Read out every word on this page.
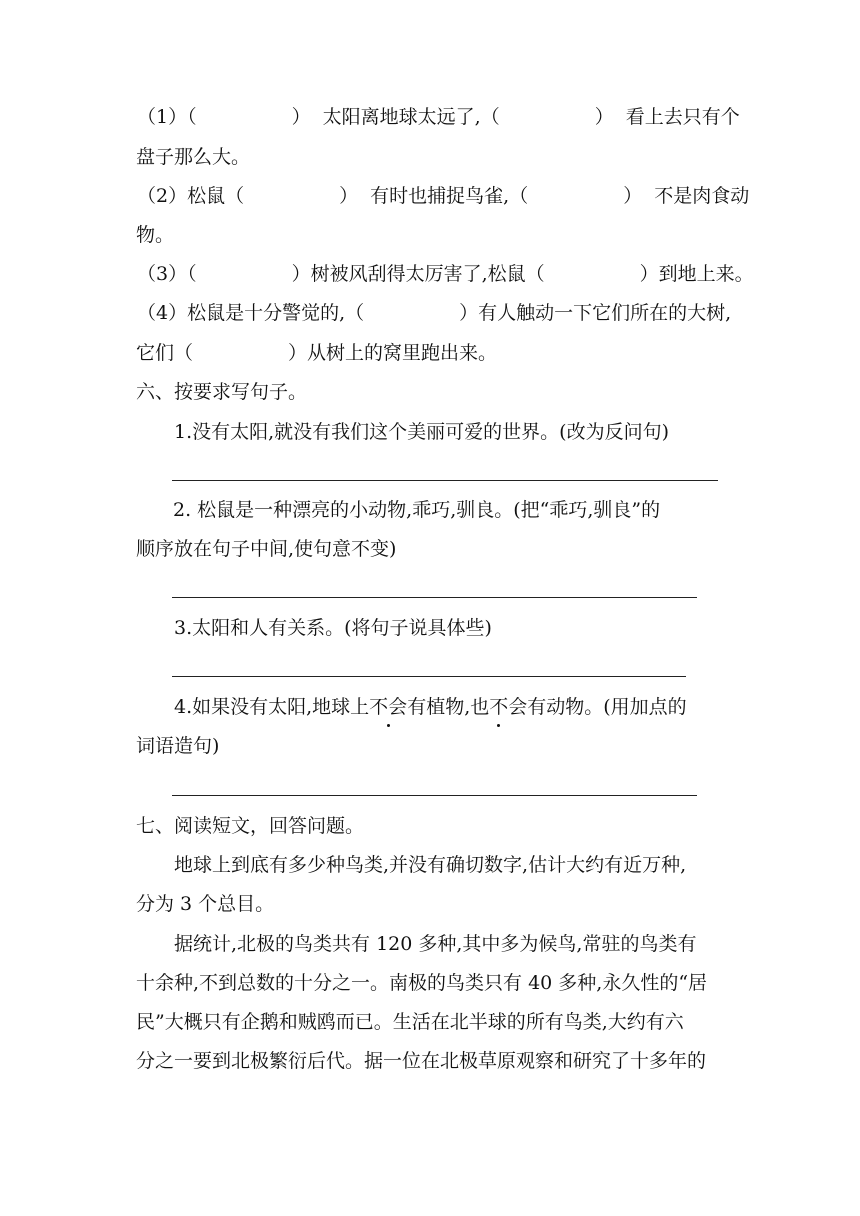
（1）（　　　　　）  太阳离地球太远了,（　　　　　）  看上去只有个
盘子那么大。
（2）松鼠（　　　　　）  有时也捕捉鸟雀,（　　　　　）  不是肉食动
物。
（3）（　　　　　）树被风刮得太厉害了,松鼠（　　　　　）到地上来。
（4）松鼠是十分警觉的,（　　　　　）有人触动一下它们所在的大树,
它们（　　　　　）从树上的窝里跑出来。
六、按要求写句子。
1.没有太阳,就没有我们这个美丽可爱的世界。(改为反问句)
2. 松鼠是一种漂亮的小动物,乖巧,驯良。(把“乖巧,驯良”的
顺序放在句子中间,使句意不变)
3.太阳和人有关系。(将句子说具体些)
4.如果没有太阳,地球上不会有植物,也不会有动物。(用加点的
词语造句)
七、阅读短文，回答问题。
地球上到底有多少种鸟类,并没有确切数字,估计大约有近万种,
分为 3 个总目。
据统计,北极的鸟类共有 120 多种,其中多为候鸟,常驻的鸟类有
十余种,不到总数的十分之一。南极的鸟类只有 40 多种,永久性的“居
民”大概只有企鹅和贼鸥而已。生活在北半球的所有鸟类,大约有六
分之一要到北极繁衍后代。据一位在北极草原观察和研究了十多年的
